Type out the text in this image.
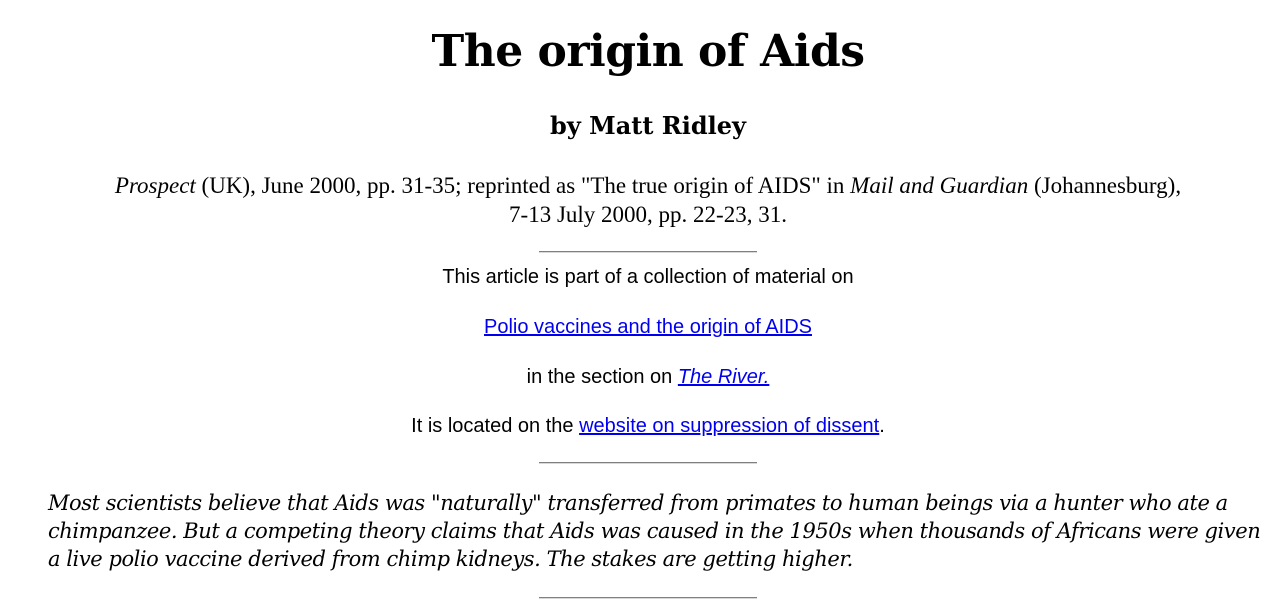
The origin of Aids
by Matt Ridley

Prospect (UK), June 2000, pp. 31-35; reprinted as "The true origin of AIDS" in Mail and Guardian (Johannesburg), 7-13 July 2000, pp. 22-23, 31.

This article is part of a collection of material on

Polio vaccines and the origin of AIDS

in the section on The River.

It is located on the website on suppression of dissent.

Most scientists believe that Aids was "naturally" transferred from primates to human beings via a hunter who ate a chimpanzee. But a competing theory claims that Aids was caused in the 1950s when thousands of Africans were given a live polio vaccine derived from chimp kidneys. The stakes are getting higher.
